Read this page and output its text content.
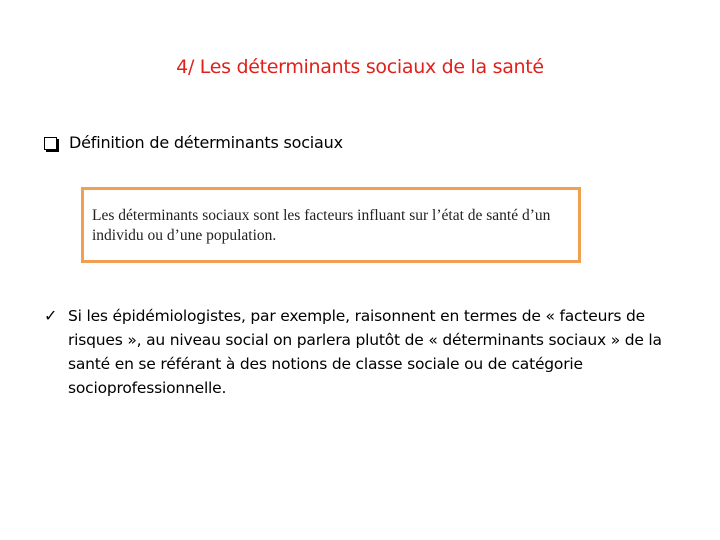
4/ Les déterminants sociaux de la santé
Définition de déterminants sociaux
Les déterminants sociaux sont les facteurs influant sur l’état de santé d’un individu ou d’une population.
✓ Si les épidémiologistes, par exemple, raisonnent en termes de « facteurs de risques », au niveau social on parlera plutôt de « déterminants sociaux » de la santé en se référant à des notions de classe sociale ou de catégorie socioprofessionnelle.
